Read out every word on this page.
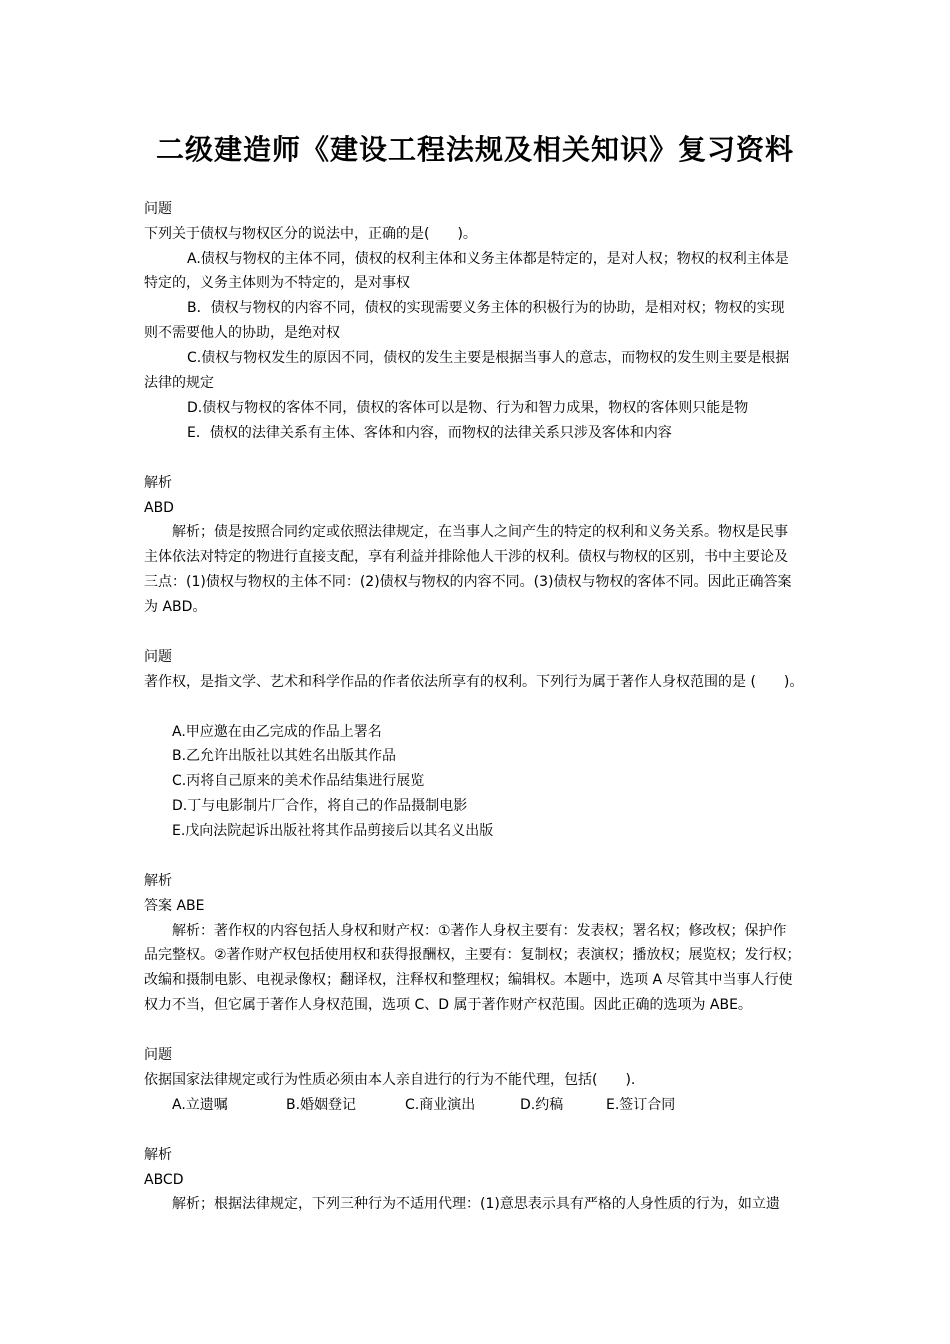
二级建造师《建设工程法规及相关知识》复习资料
问题
下列关于债权与物权区分的说法中，正确的是(　　)。
A.债权与物权的主体不同，债权的权利主体和义务主体都是特定的，是对人权；物权的权利主体是
特定的，义务主体则为不特定的，是对事权
B．债权与物权的内容不同，债权的实现需要义务主体的积极行为的协助，是相对权；物权的实现
则不需要他人的协助，是绝对权
C.债权与物权发生的原因不同，债权的发生主要是根据当事人的意志，而物权的发生则主要是根据
法律的规定
D.债权与物权的客体不同，债权的客体可以是物、行为和智力成果，物权的客体则只能是物
E．债权的法律关系有主体、客体和内容，而物权的法律关系只涉及客体和内容
解析
ABD
解析；债是按照合同约定或依照法律规定，在当事人之间产生的特定的权利和义务关系。物权是民事
主体依法对特定的物进行直接支配，享有利益并排除他人干涉的权利。债权与物权的区别，书中主要论及
三点：(1)债权与物权的主体不同：(2)债权与物权的内容不同。(3)债权与物权的客体不同。因此正确答案
为 ABD。
问题
著作权，是指文学、艺术和科学作品的作者依法所享有的权利。下列行为属于著作人身权范围的是 (　　)。
A.甲应邀在由乙完成的作品上署名
B.乙允许出版社以其姓名出版其作品
C.丙将自己原来的美术作品结集进行展览
D.丁与电影制片厂合作，将自己的作品摄制电影
E.戊向法院起诉出版社将其作品剪接后以其名义出版
解析
答案 ABE
解析：著作权的内容包括人身权和财产权：①著作人身权主要有：发表权；署名权；修改权；保护作
品完整权。②著作财产权包括使用权和获得报酬权，主要有：复制权；表演权；播放权；展览权；发行权；
改编和摄制电影、电视录像权；翻译权，注释权和整理权；编辑权。本题中，选项 A 尽管其中当事人行使
权力不当，但它属于著作人身权范围，选项 C、D 属于著作财产权范围。因此正确的选项为 ABE。
问题
依据国家法律规定或行为性质必须由本人亲自进行的行为不能代理，包括(　　).
A.立遗嘱	B.婚姻登记	C.商业演出	D.约稿	E.签订合同
解析
ABCD
解析；根据法律规定，下列三种行为不适用代理：(1)意思表示具有严格的人身性质的行为，如立遗
